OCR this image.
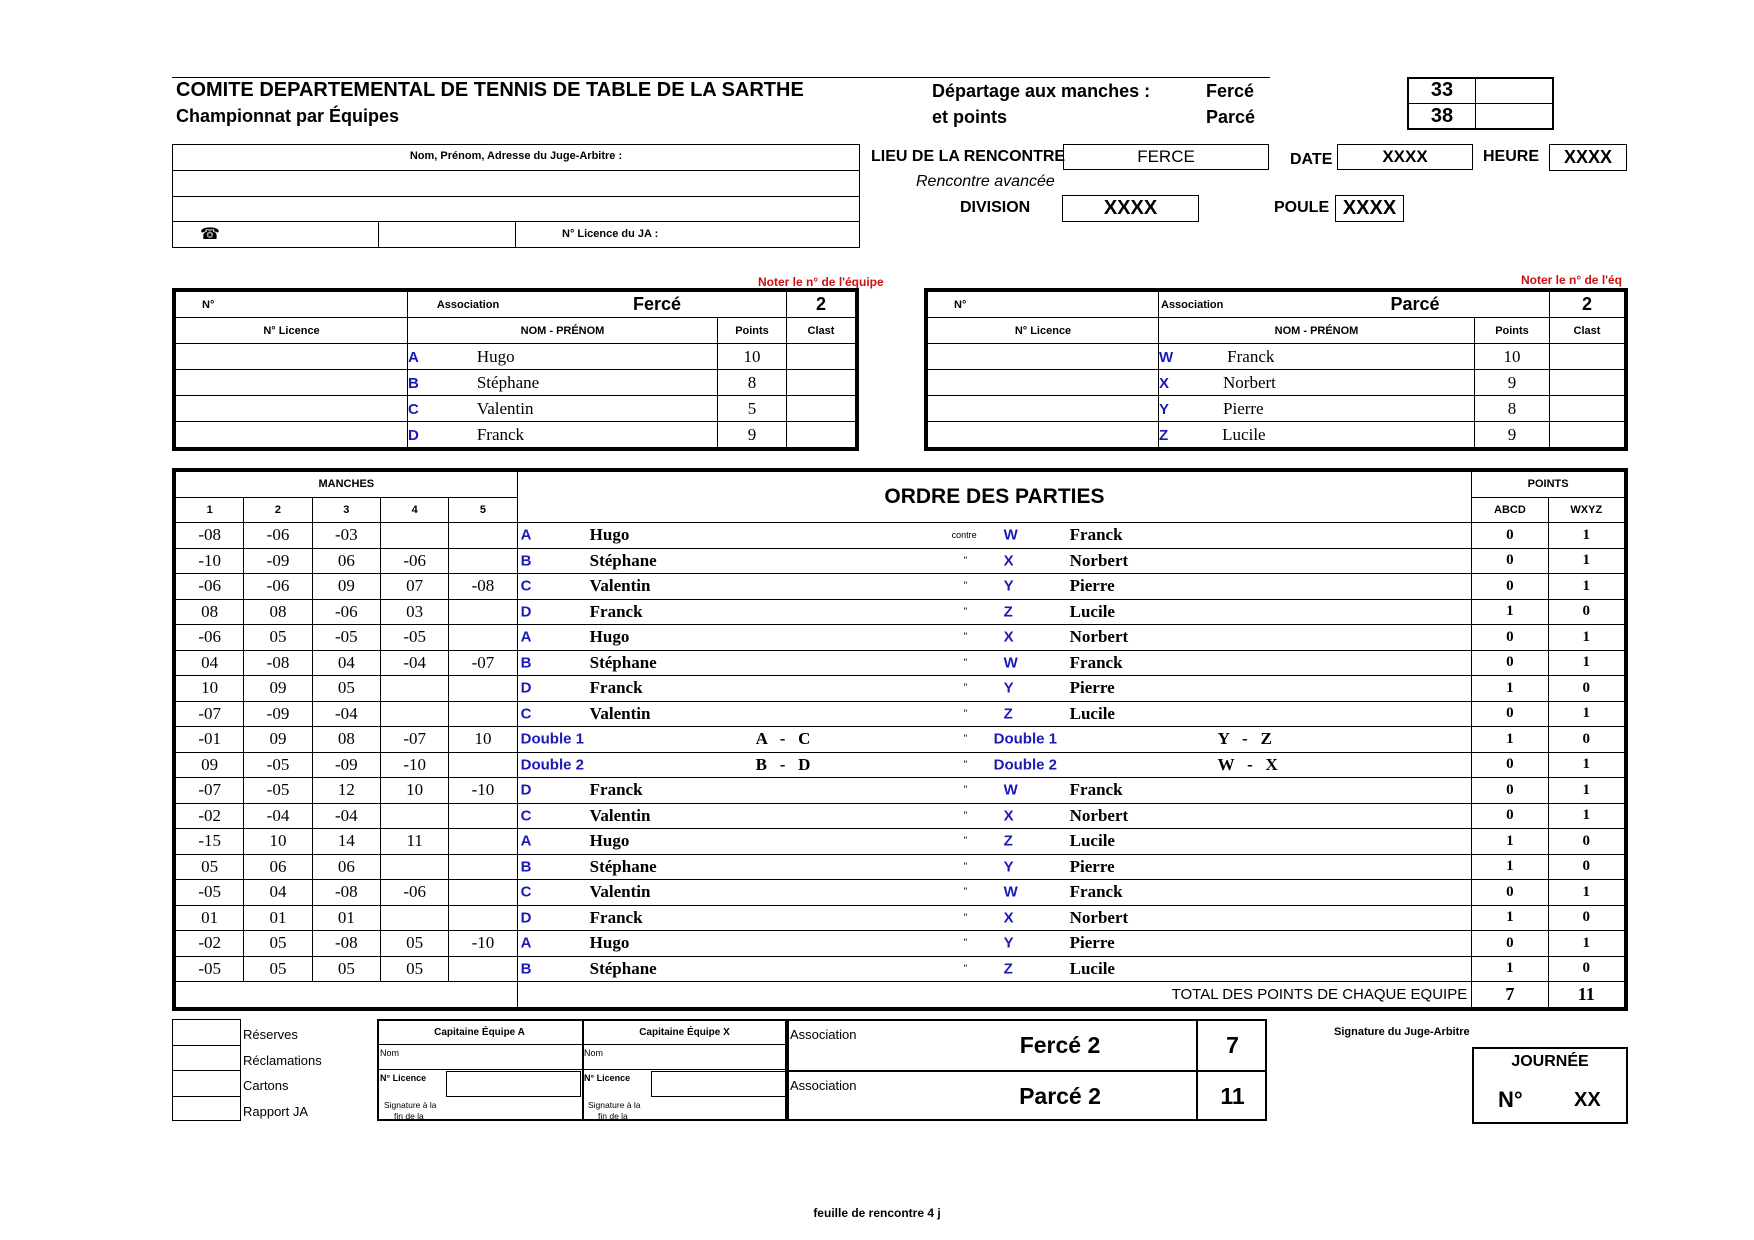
COMITE DEPARTEMENTAL DE TENNIS DE TABLE DE LA SARTHE
Championnat par Équipes
Départage aux manches :
et points
Fercé
Parcé
33
38
Nom, Prénom, Adresse du Juge-Arbitre :
☎	N° Licence du JA :
LIEU DE LA RENCONTRE	FERCE	DATE	XXXX	HEURE	XXXX
Rencontre avancée
DIVISION	XXXX	POULE XXXX
Noter le n° de l'équipe	Noter le n° de l'éq
N°	Association	Fercé		2
N° Licence	NOM - PRÉNOM		Points	Clast
	A Hugo		10	
	B Stéphane		8	
	C Valentin		5	
	D Franck		9	
N°	Association	Parcé		2
N° Licence	NOM - PRÉNOM		Points	Clast
	W Franck		10	
	X Norbert		9	
	Y Pierre		8	
	Z Lucile		9	
MANCHES					ORDRE DES PARTIES	POINTS	
1	2	3	4	5		ABCD	WXYZ
-08	-06	-03			A Hugo contre W Franck	0	1
-10	-09	06	-06		B Stéphane " X Norbert	0	1
-06	-06	09	07	-08	C Valentin " Y Pierre	0	1
08	08	-06	03		D Franck " Z Lucile	1	0
-06	05	-05	-05		A Hugo " X Norbert	0	1
04	-08	04	-04	-07	B Stéphane " W Franck	0	1
10	09	05			D Franck " Y Pierre	1	0
-07	-09	-04			C Valentin " Z Lucile	0	1
-01	09	08	-07	10	Double 1 A   -   C " Double 1 Y   -   Z	1	0
09	-05	-09	-10		Double 2 B   -   D " Double 2 W   -   X	0	1
-07	-05	12	10	-10	D Franck " W Franck	0	1
-02	-04	-04			C Valentin " X Norbert	0	1
-15	10	14	11		A Hugo " Z Lucile	1	0
05	06	06			B Stéphane " Y Pierre	1	0
-05	04	-08	-06		C Valentin " W Franck	0	1
01	01	01			D Franck " X Norbert	1	0
-02	05	-08	05	-10	A Hugo " Y Pierre	0	1
-05	05	05	05		B Stéphane " Z Lucile	1	0
					TOTAL DES POINTS DE CHAQUE EQUIPE	7	11
Réserves
Réclamations
Cartons
Rapport JA
Capitaine Équipe A	Capitaine Équipe X
Nom	Nom
N° Licence	N° Licence
Signature à la
fin de la
Signature à la
fin de la
Association
Association
Fercé 2
Parcé 2
7
11
Signature du Juge-Arbitre
JOURNÉE
N°	XX
feuille de rencontre 4 j
